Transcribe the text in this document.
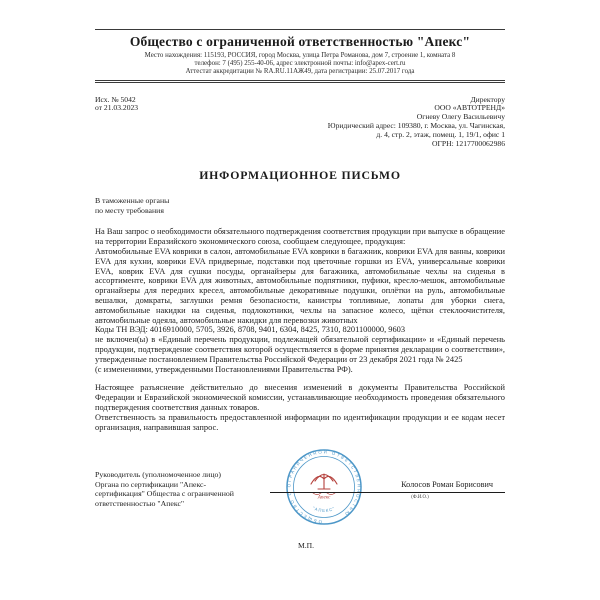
Общество с ограниченной ответственностью "Апекс"
Место нахождения: 115193, РОССИЯ, город Москва, улица Петра Романова, дом 7, строение 1, комната 8
телефон: 7 (495) 255-40-06, адрес электронной почты: info@apex-cert.ru
Аттестат аккредитации № RA.RU.11АЖ49, дата регистрации: 25.07.2017 года
Исх. № 5042
от 21.03.2023
Директору
ООО «АВТОТРЕНД»
Огневу Олегу Васильевичу
Юридический адрес: 109380, г. Москва, ул. Чагинская,
д. 4, стр. 2, этаж, помещ. 1, 19/1, офис 1
ОГРН: 1217700062986
ИНФОРМАЦИОННОЕ ПИСЬМО
В таможенные органы
по месту требования

На Ваш запрос о необходимости обязательного подтверждения соответствия продукции при выпуске в обращение на территории Евразийского экономического союза, сообщаем следующее, продукция:

Автомобильные EVA коврики в салон, автомобильные EVA коврики в багажник, коврики EVA для ванны, коврики EVA для кухни, коврики EVA придверные, подставки под цветочные горшки из EVA, универсальные коврики EVA, коврик EVA для сушки посуды, органайзеры для багажника, автомобильные чехлы на сиденья в ассортименте, коврики EVA для животных, автомобильные подпятники, пуфики, кресло-мешок, автомобильные органайзеры для передних кресел, автомобильные декоративные подушки, оплётки на руль, автомобильные вешалки, домкраты, заглушки ремня безопасности, канистры топливные, лопаты для уборки снега, автомобильные накидки на сиденья, подлокотники, чехлы на запасное колесо, щётки стеклоочистителя, автомобильные одеяла, автомобильные накидки для перевозки животных

Коды ТН ВЭД: 4016910000, 5705, 3926, 8708, 9401, 6304, 8425, 7310, 8201100000, 9603

не включен(ы) в «Единый перечень продукции, подлежащей обязательной сертификации» и «Единый перечень продукции, подтверждение соответствия которой осуществляется в форме принятия декларации о соответствии», утвержденные постановлением Правительства Российской Федерации от 23 декабря 2021 года № 2425

(с изменениями, утвержденными Постановлениями Правительства РФ).

Настоящее разъяснение действительно до внесения изменений в документы Правительства Российской Федерации и Евразийской экономической комиссии, устанавливающие необходимость проведения обязательного подтверждения соответствия данных товаров.

Ответственность за правильность предоставленной информации по идентификации продукции и ее кодам несет организация, направившая запрос.

Руководитель (уполномоченное лицо)
Органа по сертификации "Апекс-
сертификация" Общества с ограниченной
ответственностью "Апекс"
ОБЩЕСТВО С ОГРАНИЧЕННОЙ ОТВЕТСТВЕННОСТЬЮ
"АПЕКС"
Апекс
Колосов Роман Борисович
(Ф.И.О.)
М.П.
